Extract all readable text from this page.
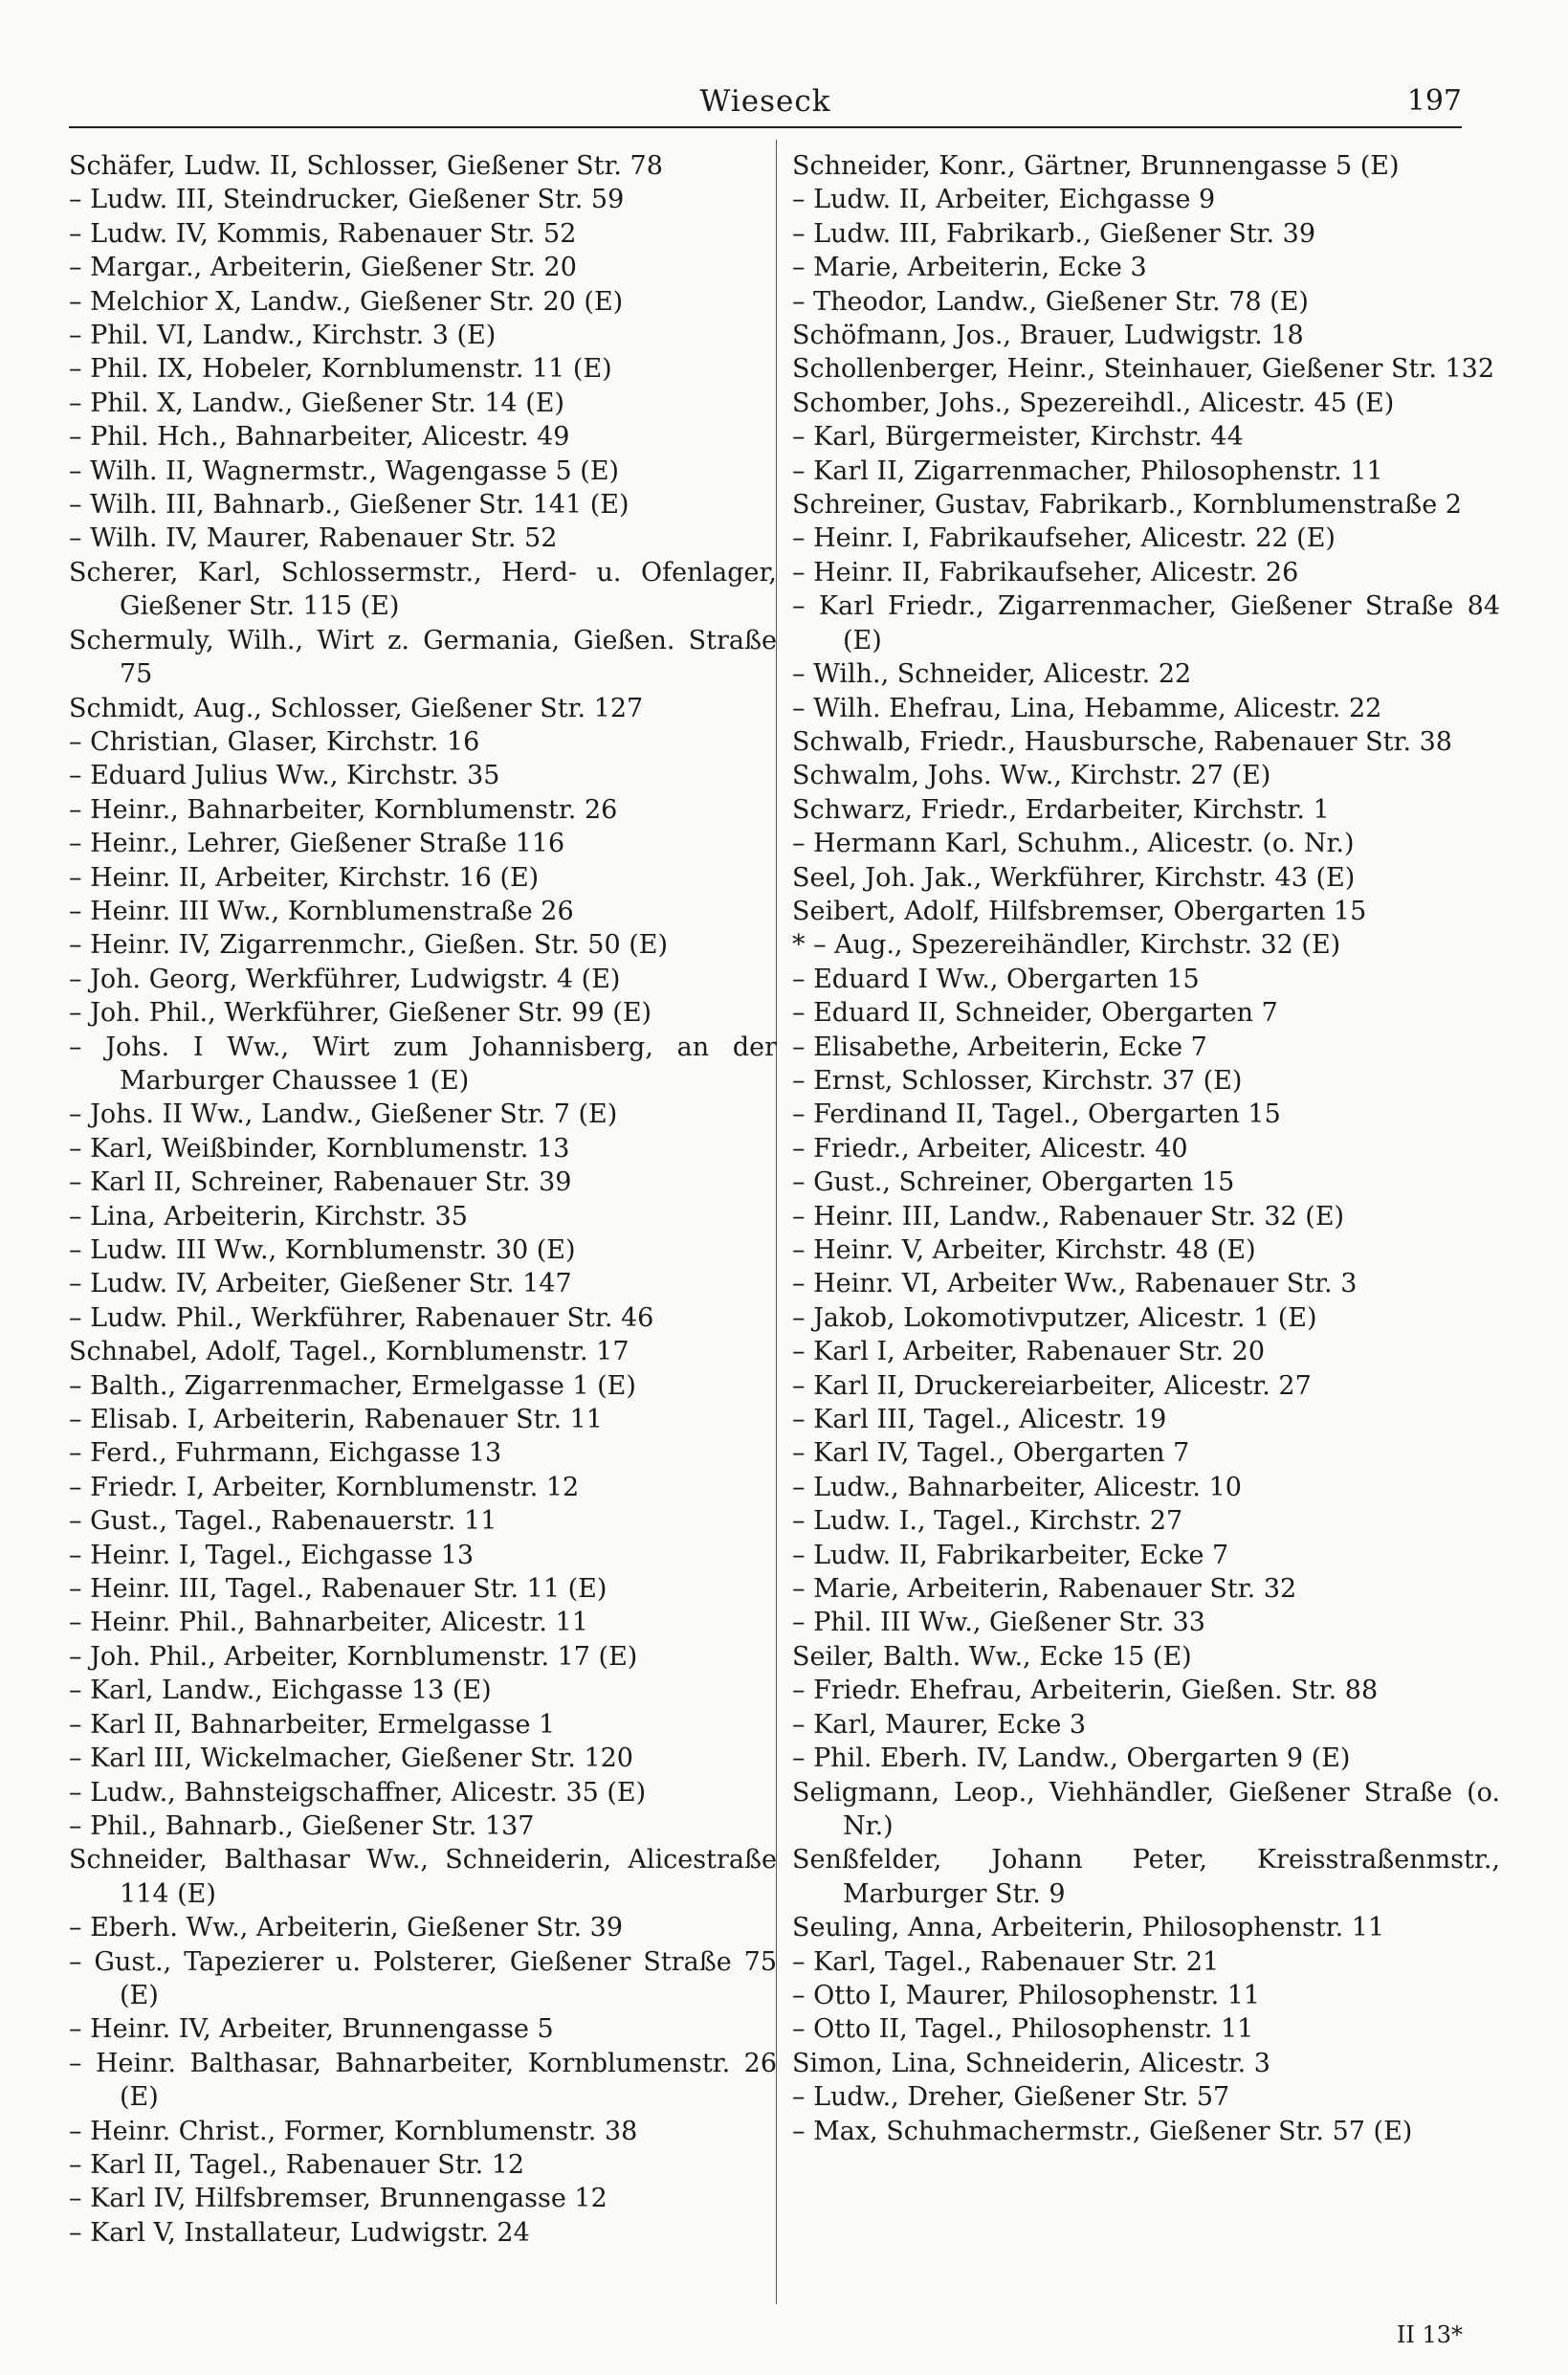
Wieseck	197
Schäfer, Ludw. II, Schlosser, Gießener Str. 78
– Ludw. III, Steindrucker, Gießener Str. 59
– Ludw. IV, Kommis, Rabenauer Str. 52
– Margar., Arbeiterin, Gießener Str. 20
– Melchior X, Landw., Gießener Str. 20 (E)
– Phil. VI, Landw., Kirchstr. 3 (E)
– Phil. IX, Hobeler, Kornblumenstr. 11 (E)
– Phil. X, Landw., Gießener Str. 14 (E)
– Phil. Hch., Bahnarbeiter, Alicestr. 49
– Wilh. II, Wagnermstr., Wagengasse 5 (E)
– Wilh. III, Bahnarb., Gießener Str. 141 (E)
– Wilh. IV, Maurer, Rabenauer Str. 52
Scherer, Karl, Schlossermstr., Herd- u. Ofenlager, Gießener Str. 115 (E)
Schermuly, Wilh., Wirt z. Germania, Gießen. Straße 75
Schmidt, Aug., Schlosser, Gießener Str. 127
– Christian, Glaser, Kirchstr. 16
– Eduard Julius Ww., Kirchstr. 35
– Heinr., Bahnarbeiter, Kornblumenstr. 26
– Heinr., Lehrer, Gießener Straße 116
– Heinr. II, Arbeiter, Kirchstr. 16 (E)
– Heinr. III Ww., Kornblumenstraße 26
– Heinr. IV, Zigarrenmchr., Gießen. Str. 50 (E)
– Joh. Georg, Werkführer, Ludwigstr. 4 (E)
– Joh. Phil., Werkführer, Gießener Str. 99 (E)
– Johs. I Ww., Wirt zum Johannisberg, an der Marburger Chaussee 1 (E)
– Johs. II Ww., Landw., Gießener Str. 7 (E)
– Karl, Weißbinder, Kornblumenstr. 13
– Karl II, Schreiner, Rabenauer Str. 39
– Lina, Arbeiterin, Kirchstr. 35
– Ludw. III Ww., Kornblumenstr. 30 (E)
– Ludw. IV, Arbeiter, Gießener Str. 147
– Ludw. Phil., Werkführer, Rabenauer Str. 46
Schnabel, Adolf, Tagel., Kornblumenstr. 17
– Balth., Zigarrenmacher, Ermelgasse 1 (E)
– Elisab. I, Arbeiterin, Rabenauer Str. 11
– Ferd., Fuhrmann, Eichgasse 13
– Friedr. I, Arbeiter, Kornblumenstr. 12
– Gust., Tagel., Rabenauerstr. 11
– Heinr. I, Tagel., Eichgasse 13
– Heinr. III, Tagel., Rabenauer Str. 11 (E)
– Heinr. Phil., Bahnarbeiter, Alicestr. 11
– Joh. Phil., Arbeiter, Kornblumenstr. 17 (E)
– Karl, Landw., Eichgasse 13 (E)
– Karl II, Bahnarbeiter, Ermelgasse 1
– Karl III, Wickelmacher, Gießener Str. 120
– Ludw., Bahnsteigschaffner, Alicestr. 35 (E)
– Phil., Bahnarb., Gießener Str. 137
Schneider, Balthasar Ww., Schneiderin, Alicestraße 114 (E)
– Eberh. Ww., Arbeiterin, Gießener Str. 39
– Gust., Tapezierer u. Polsterer, Gießener Straße 75 (E)
– Heinr. IV, Arbeiter, Brunnengasse 5
– Heinr. Balthasar, Bahnarbeiter, Kornblumenstr. 26 (E)
– Heinr. Christ., Former, Kornblumenstr. 38
– Karl II, Tagel., Rabenauer Str. 12
– Karl IV, Hilfsbremser, Brunnengasse 12
– Karl V, Installateur, Ludwigstr. 24
Schneider, Konr., Gärtner, Brunnengasse 5 (E)
– Ludw. II, Arbeiter, Eichgasse 9
– Ludw. III, Fabrikarb., Gießener Str. 39
– Marie, Arbeiterin, Ecke 3
– Theodor, Landw., Gießener Str. 78 (E)
Schöfmann, Jos., Brauer, Ludwigstr. 18
Schollenberger, Heinr., Steinhauer, Gießener Str. 132
Schomber, Johs., Spezereihdl., Alicestr. 45 (E)
– Karl, Bürgermeister, Kirchstr. 44
– Karl II, Zigarrenmacher, Philosophenstr. 11
Schreiner, Gustav, Fabrikarb., Kornblumenstraße 2
– Heinr. I, Fabrikaufseher, Alicestr. 22 (E)
– Heinr. II, Fabrikaufseher, Alicestr. 26
– Karl Friedr., Zigarrenmacher, Gießener Straße 84 (E)
– Wilh., Schneider, Alicestr. 22
– Wilh. Ehefrau, Lina, Hebamme, Alicestr. 22
Schwalb, Friedr., Hausbursche, Rabenauer Str. 38
Schwalm, Johs. Ww., Kirchstr. 27 (E)
Schwarz, Friedr., Erdarbeiter, Kirchstr. 1
– Hermann Karl, Schuhm., Alicestr. (o. Nr.)
Seel, Joh. Jak., Werkführer, Kirchstr. 43 (E)
Seibert, Adolf, Hilfsbremser, Obergarten 15
* – Aug., Spezereihändler, Kirchstr. 32 (E)
– Eduard I Ww., Obergarten 15
– Eduard II, Schneider, Obergarten 7
– Elisabethe, Arbeiterin, Ecke 7
– Ernst, Schlosser, Kirchstr. 37 (E)
– Ferdinand II, Tagel., Obergarten 15
– Friedr., Arbeiter, Alicestr. 40
– Gust., Schreiner, Obergarten 15
– Heinr. III, Landw., Rabenauer Str. 32 (E)
– Heinr. V, Arbeiter, Kirchstr. 48 (E)
– Heinr. VI, Arbeiter Ww., Rabenauer Str. 3
– Jakob, Lokomotivputzer, Alicestr. 1 (E)
– Karl I, Arbeiter, Rabenauer Str. 20
– Karl II, Druckereiarbeiter, Alicestr. 27
– Karl III, Tagel., Alicestr. 19
– Karl IV, Tagel., Obergarten 7
– Ludw., Bahnarbeiter, Alicestr. 10
– Ludw. I., Tagel., Kirchstr. 27
– Ludw. II, Fabrikarbeiter, Ecke 7
– Marie, Arbeiterin, Rabenauer Str. 32
– Phil. III Ww., Gießener Str. 33
Seiler, Balth. Ww., Ecke 15 (E)
– Friedr. Ehefrau, Arbeiterin, Gießen. Str. 88
– Karl, Maurer, Ecke 3
– Phil. Eberh. IV, Landw., Obergarten 9 (E)
Seligmann, Leop., Viehhändler, Gießener Straße (o. Nr.)
Senßfelder, Johann Peter, Kreisstraßenmstr., Marburger Str. 9
Seuling, Anna, Arbeiterin, Philosophenstr. 11
– Karl, Tagel., Rabenauer Str. 21
– Otto I, Maurer, Philosophenstr. 11
– Otto II, Tagel., Philosophenstr. 11
Simon, Lina, Schneiderin, Alicestr. 3
– Ludw., Dreher, Gießener Str. 57
– Max, Schuhmachermstr., Gießener Str. 57 (E)
II 13*
